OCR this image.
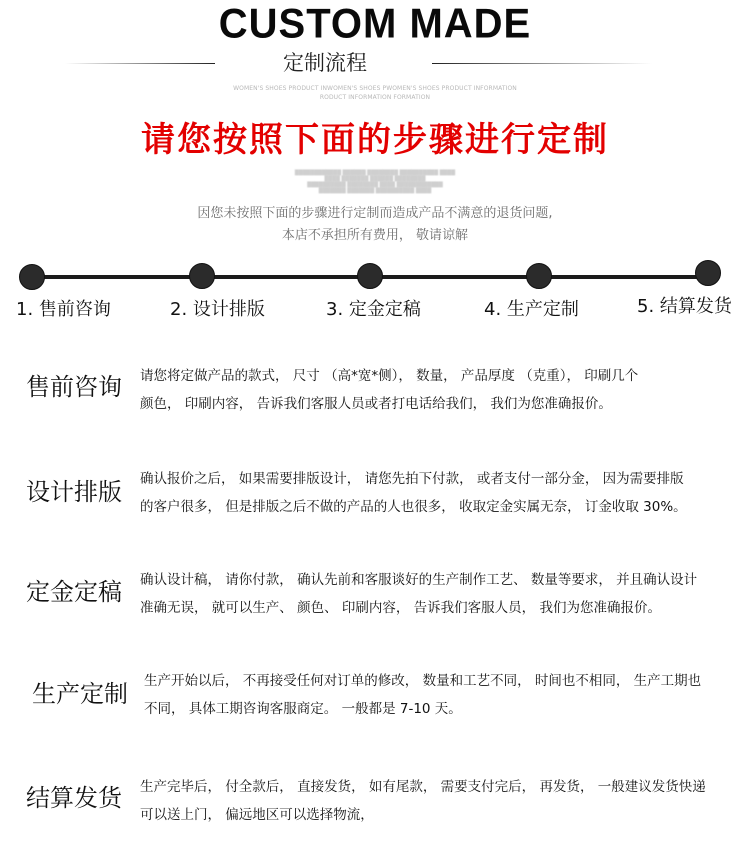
CUSTOM MADE
定制流程
WOMEN'S SHOES PRODUCT INWOMEN'S SHOES PWOMEN'S SHOES PRODUCT INFORMATION
RODUCT INFORMATION FORMATION
请您按照下面的步骤进行定制
████████████ ██████ ████████ ██████████ ████
████ ███████ ██████ ████████
██████████ ████████ ████ ████████████
███████ ███████ ██████████ ████
因您未按照下面的步骤进行定制而造成产品不满意的退货问题,
本店不承担所有费用， 敬请谅解
1. 售前咨询	2. 设计排版	3. 定金定稿	4. 生产定制	5. 结算发货
售前咨询 请您将定做产品的款式， 尺寸 （高*宽*侧）， 数量， 产品厚度 （克重）， 印刷几个
颜色， 印刷内容， 告诉我们客服人员或者打电话给我们， 我们为您准确报价。
设计排版 确认报价之后， 如果需要排版设计， 请您先拍下付款， 或者支付一部分金， 因为需要排版
的客户很多， 但是排版之后不做的产品的人也很多， 收取定金实属无奈， 订金收取 30%。
定金定稿 确认设计稿， 请你付款， 确认先前和客服谈好的生产制作工艺、 数量等要求， 并且确认设计
准确无误， 就可以生产、 颜色、 印刷内容， 告诉我们客服人员， 我们为您准确报价。
生产定制 生产开始以后， 不再接受任何对订单的修改， 数量和工艺不同， 时间也不相同， 生产工期也
不同， 具体工期咨询客服商定。 一般都是 7-10 天。
结算发货 生产完毕后， 付全款后， 直接发货， 如有尾款， 需要支付完后， 再发货， 一般建议发货快递
可以送上门， 偏远地区可以选择物流，
